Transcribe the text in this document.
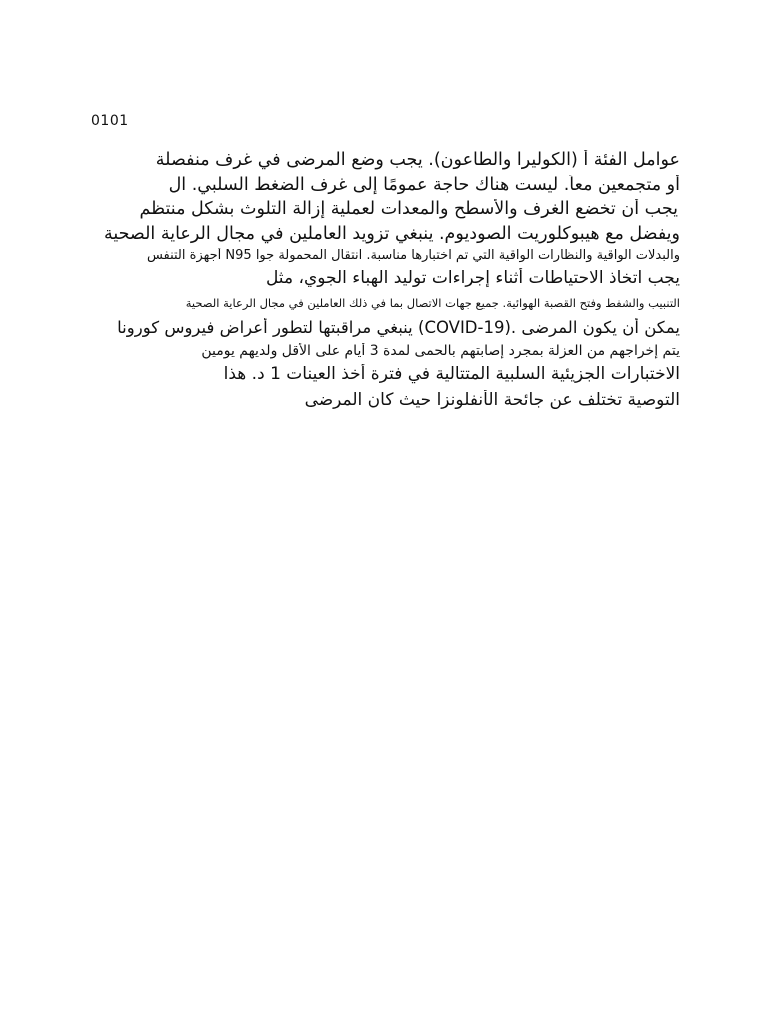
0101
عوامل الفئة أ (الكوليرا والطاعون). يجب وضع المرضى في غرف منفصلة
أو متجمعين معاً. ليست هناك حاجة عمومًا إلى غرف الضغط السلبي. ال
يجب أن تخضع الغرف والأسطح والمعدات لعملية إزالة التلوث بشكل منتظم
ويفضل مع هيبوكلوريت الصوديوم. ينبغي تزويد العاملين في مجال الرعاية الصحية
والبدلات الواقية والنظارات الواقية التي تم اختبارها مناسبة. انتقال المحمولة جوا N95 أجهزة التنفس
يجب اتخاذ الاحتياطات أثناء إجراءات توليد الهباء الجوي، مثل
التنبيب والشفط وفتح القصبة الهوائية. جميع جهات الاتصال بما في ذلك العاملين في مجال الرعاية الصحية
يمكن أن يكون المرضى .(COVID-19) ينبغي مراقبتها لتطور أعراض فيروس كورونا
يتم إخراجهم من العزلة بمجرد إصابتهم بالحمى لمدة 3 أيام على الأقل ولديهم يومين
الاختبارات الجزيئية السلبية المتتالية في فترة أخذ العينات 1 د. هذا
التوصية تختلف عن جائحة الأنفلونزا حيث كان المرضى
